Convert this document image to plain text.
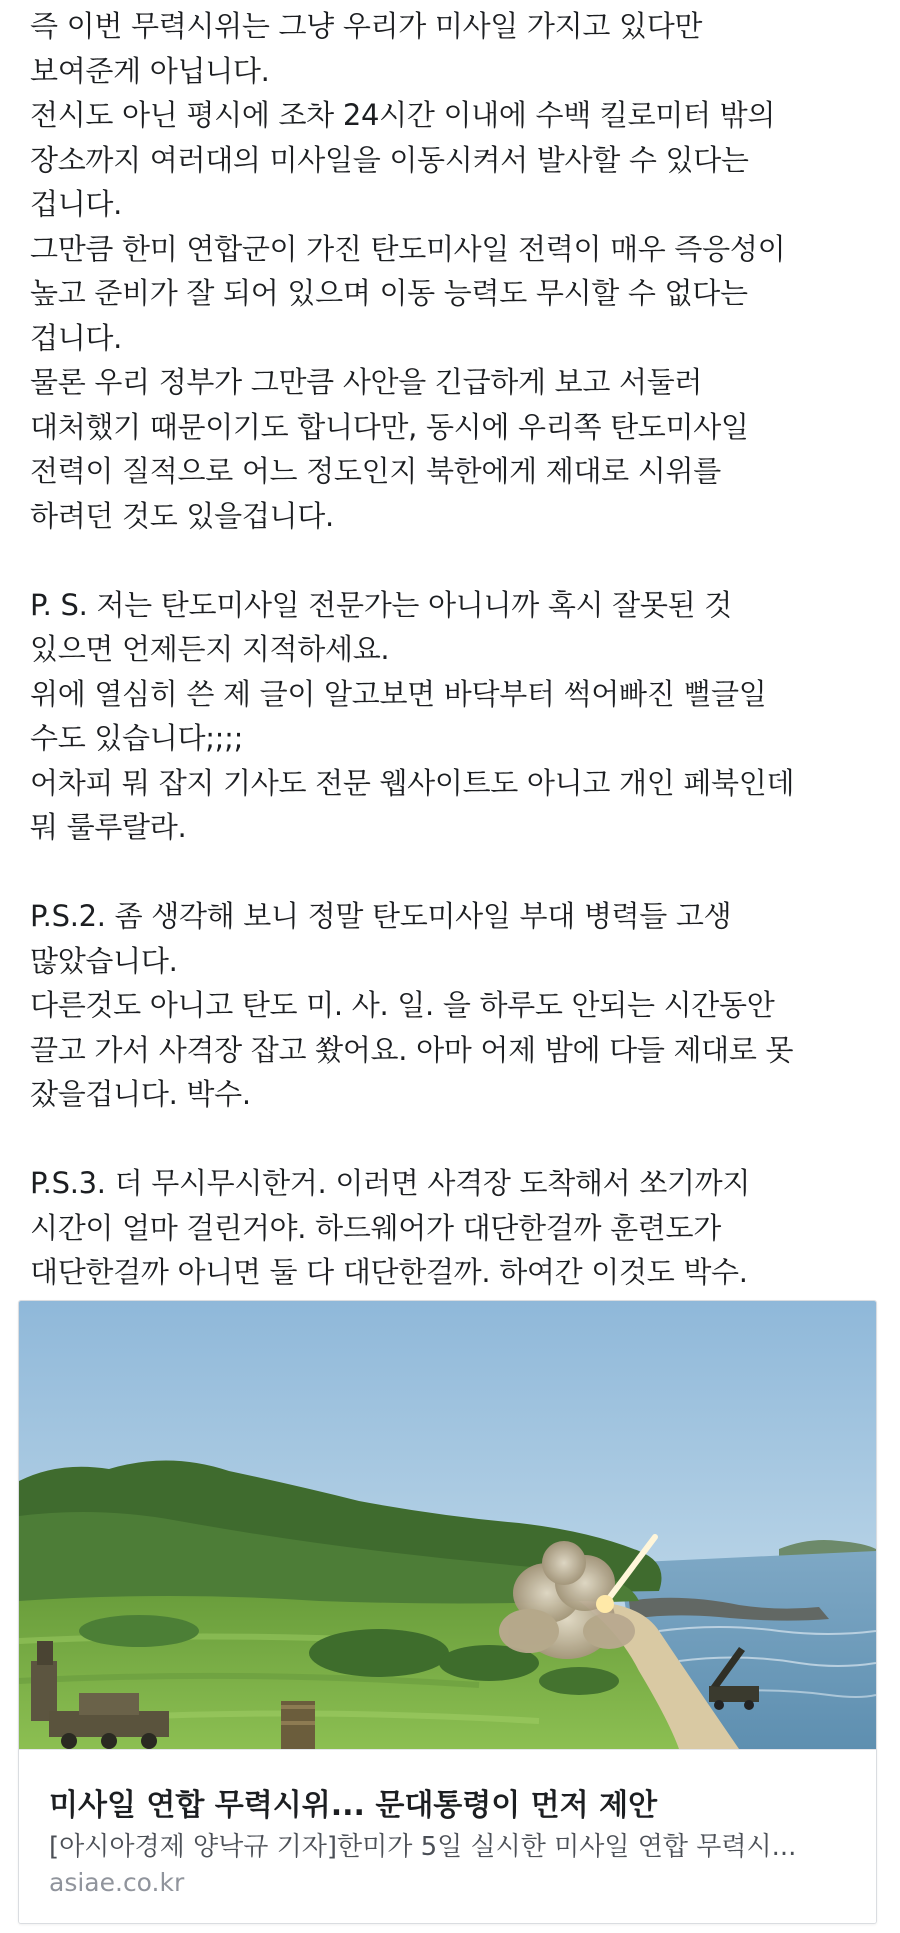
즉 이번 무력시위는 그냥 우리가 미사일 가지고 있다만
보여준게 아닙니다.
전시도 아닌 평시에 조차 24시간 이내에 수백 킬로미터 밖의
장소까지 여러대의 미사일을 이동시켜서 발사할 수 있다는
겁니다.
그만큼 한미 연합군이 가진 탄도미사일 전력이 매우 즉응성이
높고 준비가 잘 되어 있으며 이동 능력도 무시할 수 없다는
겁니다.
물론 우리 정부가 그만큼 사안을 긴급하게 보고 서둘러
대처했기 때문이기도 합니다만, 동시에 우리쪽 탄도미사일
전력이 질적으로 어느 정도인지 북한에게 제대로 시위를
하려던 것도 있을겁니다.
P. S. 저는 탄도미사일 전문가는 아니니까 혹시 잘못된 것
있으면 언제든지 지적하세요.
위에 열심히 쓴 제 글이 알고보면 바닥부터 썩어빠진 뻘글일
수도 있습니다;;;;
어차피 뭐 잡지 기사도 전문 웹사이트도 아니고 개인 페북인데
뭐 룰루랄라.
P.S.2. 좀 생각해 보니 정말 탄도미사일 부대 병력들 고생
많았습니다.
다른것도 아니고 탄도 미. 사. 일. 을 하루도 안되는 시간동안
끌고 가서 사격장 잡고 쐈어요. 아마 어제 밤에 다들 제대로 못
잤을겁니다. 박수.
P.S.3. 더 무시무시한거. 이러면 사격장 도착해서 쏘기까지
시간이 얼마 걸린거야. 하드웨어가 대단한걸까 훈련도가
대단한걸까 아니면 둘 다 대단한걸까. 하여간 이것도 박수.
미사일 연합 무력시위... 문대통령이 먼저 제안
[아시아경제 양낙규 기자]한미가 5일 실시한 미사일 연합 무력시...
asiae.co.kr
